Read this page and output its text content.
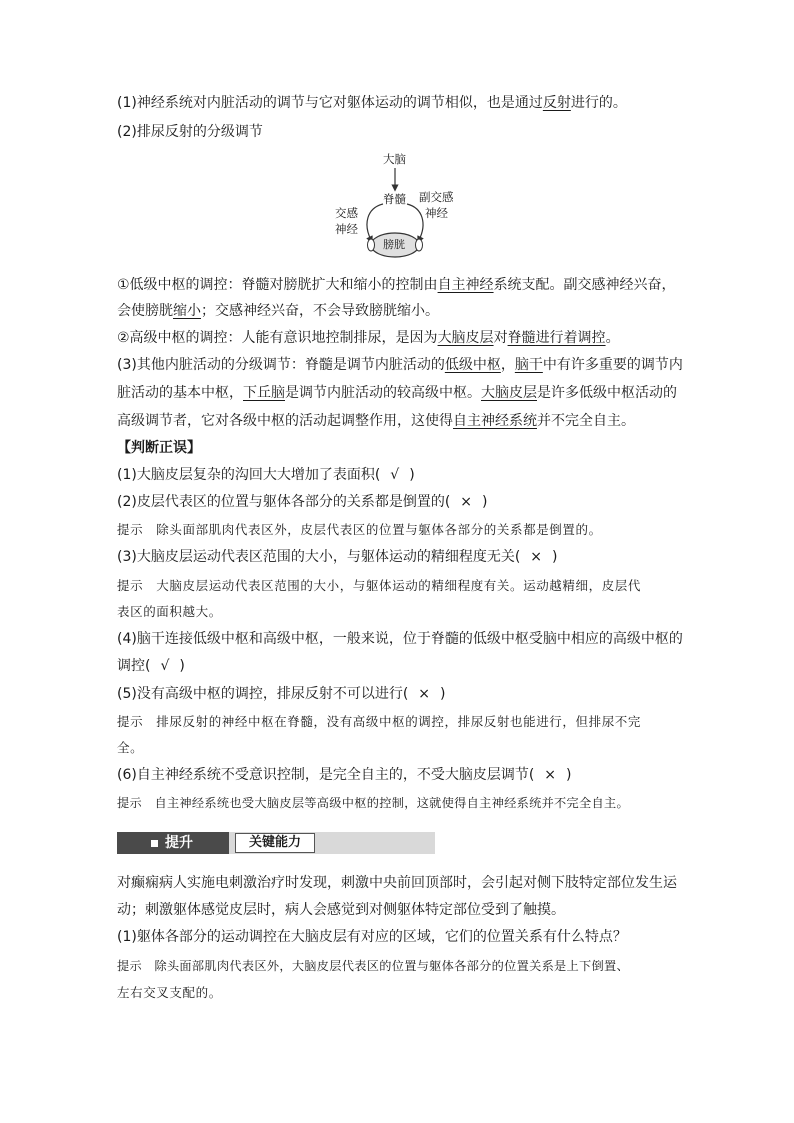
(1)神经系统对内脏活动的调节与它对躯体运动的调节相似，也是通过反射进行的。
(2)排尿反射的分级调节
大脑
脊髓 副交感
神经
交感
神经
膀胱
①低级中枢的调控：脊髓对膀胱扩大和缩小的控制由自主神经系统支配。副交感神经兴奋，
会使膀胱缩小；交感神经兴奋，不会导致膀胱缩小。
②高级中枢的调控：人能有意识地控制排尿，是因为大脑皮层对脊髓进行着调控。
(3)其他内脏活动的分级调节：脊髓是调节内脏活动的低级中枢，脑干中有许多重要的调节内
脏活动的基本中枢，下丘脑是调节内脏活动的较高级中枢。大脑皮层是许多低级中枢活动的
高级调节者，它对各级中枢的活动起调整作用，这使得自主神经系统并不完全自主。
【判断正误】
(1)大脑皮层复杂的沟回大大增加了表面积( √ )
(2)皮层代表区的位置与躯体各部分的关系都是倒置的( × )
提示　除头面部肌肉代表区外，皮层代表区的位置与躯体各部分的关系都是倒置的。
(3)大脑皮层运动代表区范围的大小，与躯体运动的精细程度无关( × )
提示　大脑皮层运动代表区范围的大小，与躯体运动的精细程度有关。运动越精细，皮层代
表区的面积越大。
(4)脑干连接低级中枢和高级中枢，一般来说，位于脊髓的低级中枢受脑中相应的高级中枢的
调控( √ )
(5)没有高级中枢的调控，排尿反射不可以进行( × )
提示　排尿反射的神经中枢在脊髓，没有高级中枢的调控，排尿反射也能进行，但排尿不完
全。
(6)自主神经系统不受意识控制，是完全自主的，不受大脑皮层调节( × )
提示　自主神经系统也受大脑皮层等高级中枢的控制，这就使得自主神经系统并不完全自主。
提升	关键能力
对癫痫病人实施电刺激治疗时发现，刺激中央前回顶部时，会引起对侧下肢特定部位发生运
动；刺激躯体感觉皮层时，病人会感觉到对侧躯体特定部位受到了触摸。
(1)躯体各部分的运动调控在大脑皮层有对应的区域，它们的位置关系有什么特点？
提示　除头面部肌肉代表区外，大脑皮层代表区的位置与躯体各部分的位置关系是上下倒置、
左右交叉支配的。
